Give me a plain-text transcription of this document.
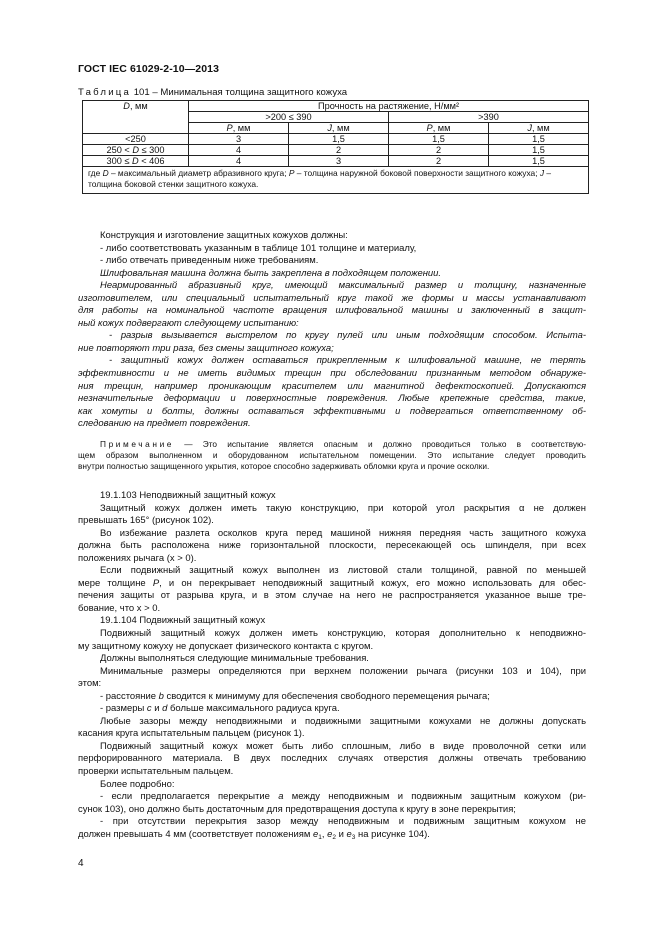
ГОСТ IEC 61029-2-10—2013
Таблица 101 – Минимальная толщина защитного кожуха
D, мм	Прочность на растяжение, Н/мм²			
	>200 ≤ 390		>390	
	P, мм	J, мм	P, мм	J, мм
<250	3	1,5	1,5	1,5
250 < D ≤ 300	4	2	2	1,5
300 ≤ D < 406	4	3	2	1,5
где D – максимальный диаметр абразивного круга; P – толщина наружной боковой поверхности защитного кожуха; J – толщина боковой стенки защитного кожуха.				
Конструкция и изготовление защитных кожухов должны:
- либо соответствовать указанным в таблице 101 толщине и материалу,
- либо отвечать приведенным ниже требованиям.
Шлифовальная машина должна быть закреплена в подходящем положении.
Неармированный абразивный круг, имеющий максимальный размер и толщину, назначенные
изготовителем, или специальный испытательный круг такой же формы и массы устанавливают
для работы на номинальной частоте вращения шлифовальной машины и заключенный в защит-
ный кожух подвергают следующему испытанию:
- разрыв вызывается выстрелом по кругу пулей или иным подходящим способом. Испыта-
ние повторяют три раза, без смены защитного кожуха;
- защитный кожух должен оставаться прикрепленным к шлифовальной машине, не терять
эффективности и не иметь видимых трещин при обследовании признанным методом обнаруже-
ния трещин, например проникающим красителем или магнитной дефектоскопией. Допускаются
незначительные деформации и поверхностные повреждения. Любые крепежные средства, такие,
как хомуты и болты, должны оставаться эффективными и подвергаться ответственному об-
следованию на предмет повреждения.
Примечание — Это испытание является опасным и должно проводиться только в соответствую-
щем образом выполненном и оборудованном испытательном помещении. Это испытание следует проводить
внутри полностью защищенного укрытия, которое способно задерживать обломки круга и прочие осколки.
19.1.103 Неподвижный защитный кожух
Защитный кожух должен иметь такую конструкцию, при которой угол раскрытия α не должен
превышать 165° (рисунок 102).
Во избежание разлета осколков круга перед машиной нижняя передняя часть защитного кожуха
должна быть расположена ниже горизонтальной плоскости, пересекающей ось шпинделя, при всех
положениях рычага (х > 0).
Если подвижный защитный кожух выполнен из листовой стали толщиной, равной по меньшей
мере толщине P, и он перекрывает неподвижный защитный кожух, его можно использовать для обес-
печения защиты от разрыва круга, и в этом случае на него не распространяется указанное выше тре-
бование, что х > 0.
19.1.104 Подвижный защитный кожух
Подвижный защитный кожух должен иметь конструкцию, которая дополнительно к неподвижно-
му защитному кожуху не допускает физического контакта с кругом.
Должны выполняться следующие минимальные требования.
Минимальные размеры определяются при верхнем положении рычага (рисунки 103 и 104), при
этом:
- расстояние b сводится к минимуму для обеспечения свободного перемещения рычага;
- размеры c и d больше максимального радиуса круга.
Любые зазоры между неподвижными и подвижными защитными кожухами не должны допускать
касания круга испытательным пальцем (рисунок 1).
Подвижный защитный кожух может быть либо сплошным, либо в виде проволочной сетки или
перфорированного материала. В двух последних случаях отверстия должны отвечать требованию
проверки испытательным пальцем.
Более подробно:
- если предполагается перекрытие a между неподвижным и подвижным защитным кожухом (ри-
сунок 103), оно должно быть достаточным для предотвращения доступа к кругу в зоне перекрытия;
- при отсутствии перекрытия зазор между неподвижным и подвижным защитным кожухом не
должен превышать 4 мм (соответствует положениям $e_1$, $e_2$ и $e_3$ на рисунке 104).
4
